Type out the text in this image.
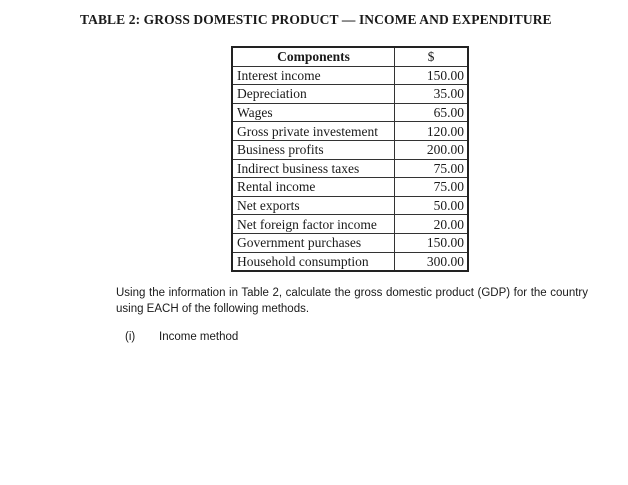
TABLE 2: GROSS DOMESTIC PRODUCT — INCOME AND EXPENDITURE
Components	$
Interest income	150.00
Depreciation	35.00
Wages	65.00
Gross private investement	120.00
Business profits	200.00
Indirect business taxes	75.00
Rental income	75.00
Net exports	50.00
Net foreign factor income	20.00
Government purchases	150.00
Household consumption	300.00
Using the information in Table 2, calculate the gross domestic product (GDP) for the country using EACH of the following methods.
(i) Income method
